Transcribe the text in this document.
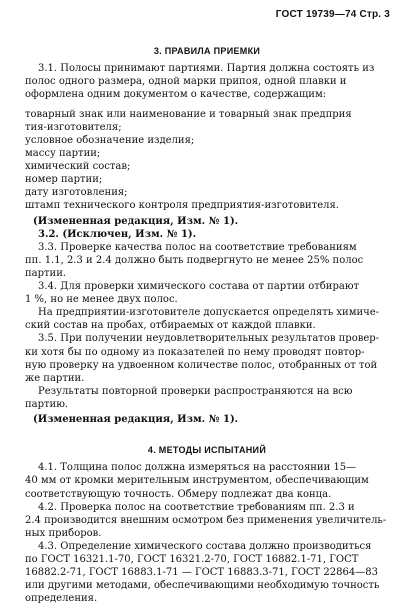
ГОСТ 19739—74 Стр. 3
3. ПРАВИЛА ПРИЕМКИ
3.1. Полосы принимают партиями. Партия должна состоять из
полос одного размера, одной марки припоя, одной плавки и
оформлена одним документом о качестве, содержащим:
товарный знак или наименование и товарный знак предприя
тия-изготовителя;
условное обозначение изделия;
массу партии;
химический состав;
номер партии;
дату изготовления;
штамп технического контроля предприятия-изготовителя.
(Измененная редакция, Изм. № 1).
3.2. (Исключен, Изм. № 1).
3.3. Проверке качества полос на соответствие требованиям
пп. 1.1, 2.3 и 2.4 должно быть подвергнуто не менее 25% полос
партии.
3.4. Для проверки химического состава от партии отбирают
1 %, но не менее двух полос.
На предприятии-изготовителе допускается определять химиче-
ский состав на пробах, отбираемых от каждой плавки.
3.5. При получении неудовлетворительных результатов провер-
ки хотя бы по одному из показателей по нему проводят повтор-
ную проверку на удвоенном количестве полос, отобранных от той
же партии.
Результаты повторной проверки распространяются на всю
партию.
(Измененная редакция, Изм. № 1).
4. МЕТОДЫ ИСПЫТАНИЙ
4.1. Толщина полос должна измеряться на расстоянии 15—
40 мм от кромки мерительным инструментом, обеспечивающим
соответствующую точность. Обмеру подлежат два конца.
4.2. Проверка полос на соответствие требованиям пп. 2.3 и
2.4 производится внешним осмотром без применения увеличитель-
ных приборов.
4.3. Определение химического состава должно производиться
по ГОСТ 16321.1-70, ГОСТ 16321.2-70, ГОСТ 16882.1-71, ГОСТ
16882.2-71, ГОСТ 16883.1-71 — ГОСТ 16883.3-71, ГОСТ 22864—83
или другими методами, обеспечивающими необходимую точность
определения.
